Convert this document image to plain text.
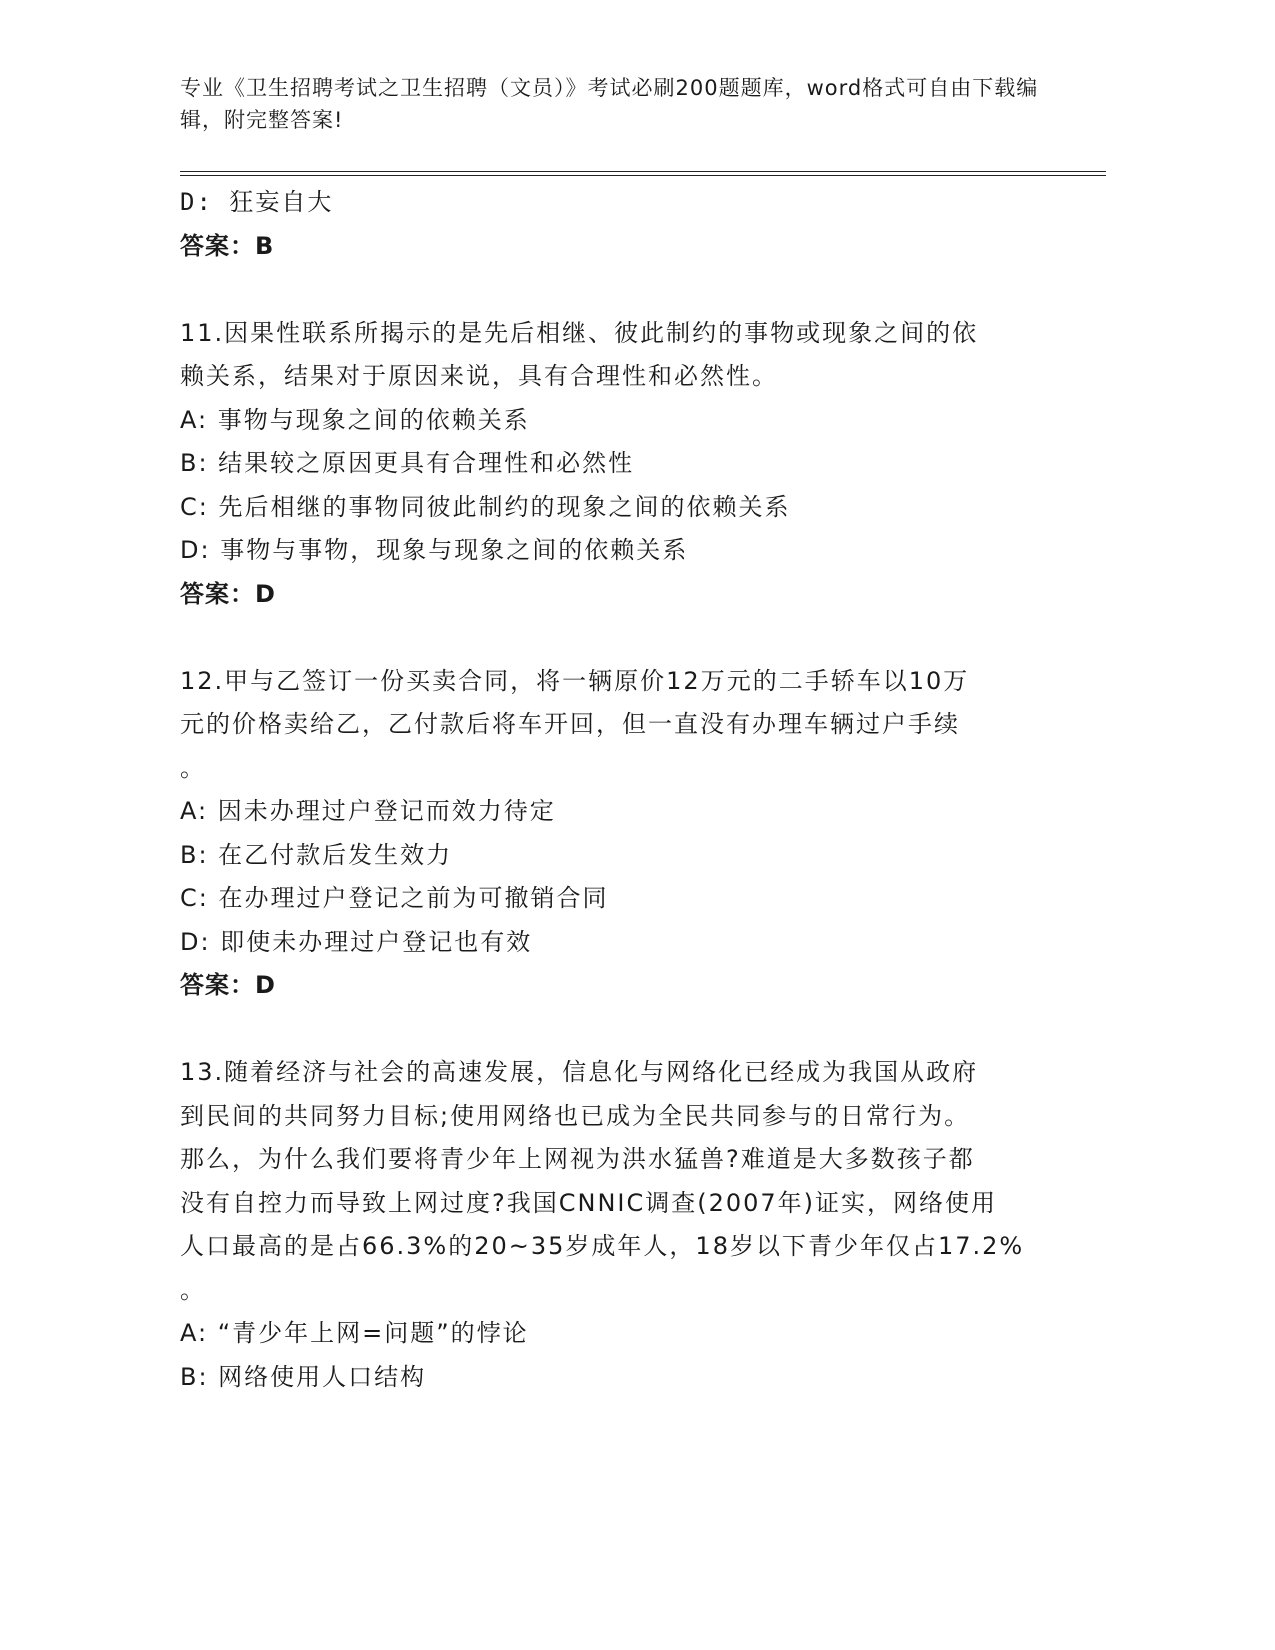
专业《卫生招聘考试之卫生招聘（文员）》考试必刷200题题库，word格式可自由下载编辑，附完整答案!
D: 狂妄自大
答案：B
11.因果性联系所揭示的是先后相继、彼此制约的事物或现象之间的依
赖关系，结果对于原因来说，具有合理性和必然性。
A: 事物与现象之间的依赖关系
B: 结果较之原因更具有合理性和必然性
C: 先后相继的事物同彼此制约的现象之间的依赖关系
D: 事物与事物，现象与现象之间的依赖关系
答案：D
12.甲与乙签订一份买卖合同，将一辆原价12万元的二手轿车以10万
元的价格卖给乙，乙付款后将车开回，但一直没有办理车辆过户手续
。
A: 因未办理过户登记而效力待定
B: 在乙付款后发生效力
C: 在办理过户登记之前为可撤销合同
D: 即使未办理过户登记也有效
答案：D
13.随着经济与社会的高速发展，信息化与网络化已经成为我国从政府
到民间的共同努力目标;使用网络也已成为全民共同参与的日常行为。
那么，为什么我们要将青少年上网视为洪水猛兽?难道是大多数孩子都
没有自控力而导致上网过度?我国CNNIC调查(2007年)证实，网络使用
人口最高的是占66.3%的20~35岁成年人，18岁以下青少年仅占17.2%
。
A: “青少年上网=问题”的悖论
B: 网络使用人口结构
